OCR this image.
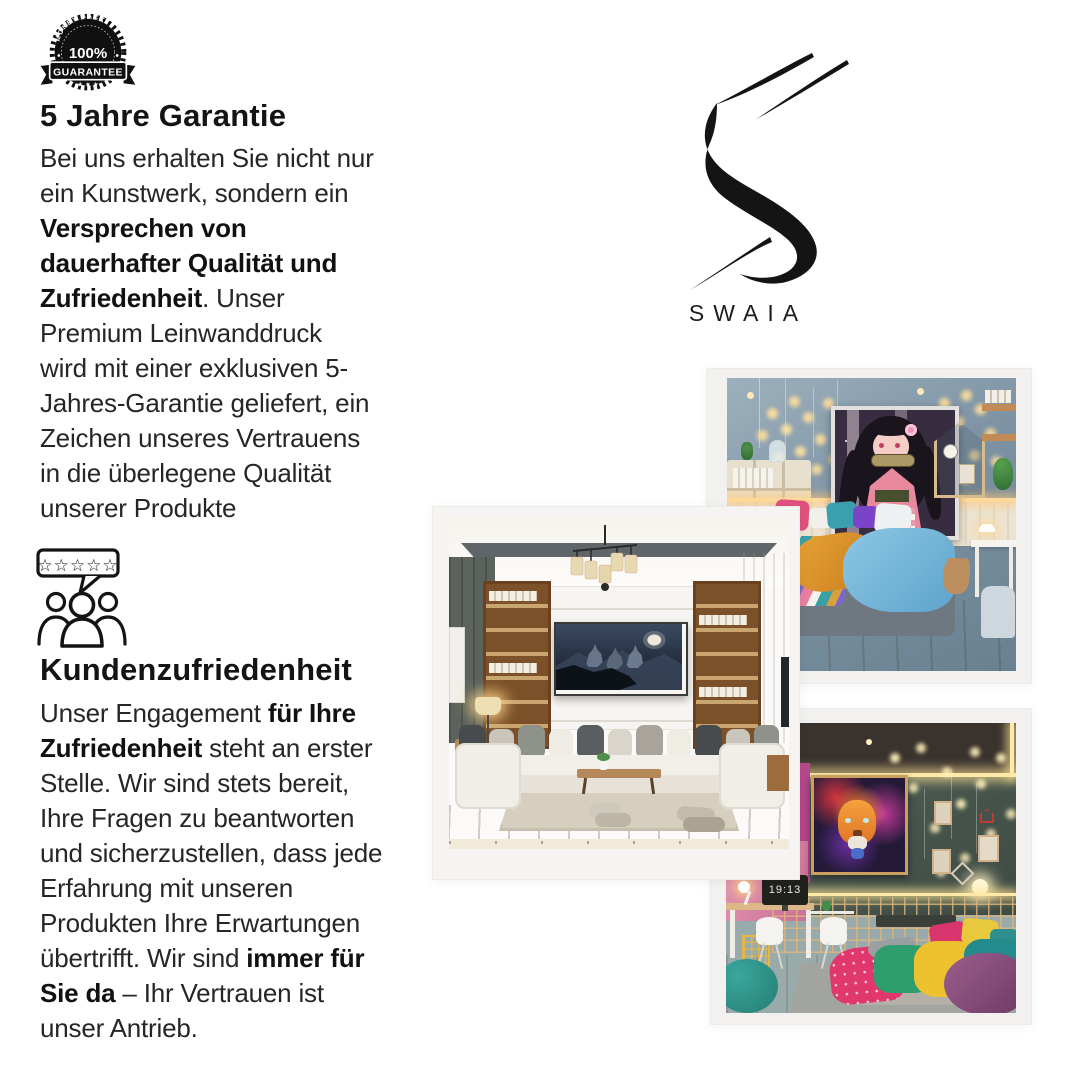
MONEY BACK
100%
GUARANTEE
★ ★ ★
5 Jahre Garantie

Bei uns erhalten Sie nicht nur
ein Kunstwerk, sondern ein
Versprechen von
dauerhafter Qualität und
Zufriedenheit. Unser
Premium Leinwanddruck
wird mit einer exklusiven 5-
Jahres-Garantie geliefert, ein
Zeichen unseres Vertrauens
in die überlegene Qualität
unserer Produkte

☆☆☆☆☆
Kundenzufriedenheit

Unser Engagement für Ihre
Zufriedenheit steht an erster
Stelle. Wir sind stets bereit,
Ihre Fragen zu beantworten
und sicherzustellen, dass jede
Erfahrung mit unseren
Produkten Ihre Erwartungen
übertrifft. Wir sind immer für
Sie da – Ihr Vertrauen ist
unser Antrieb.

SWAIA
19:13
